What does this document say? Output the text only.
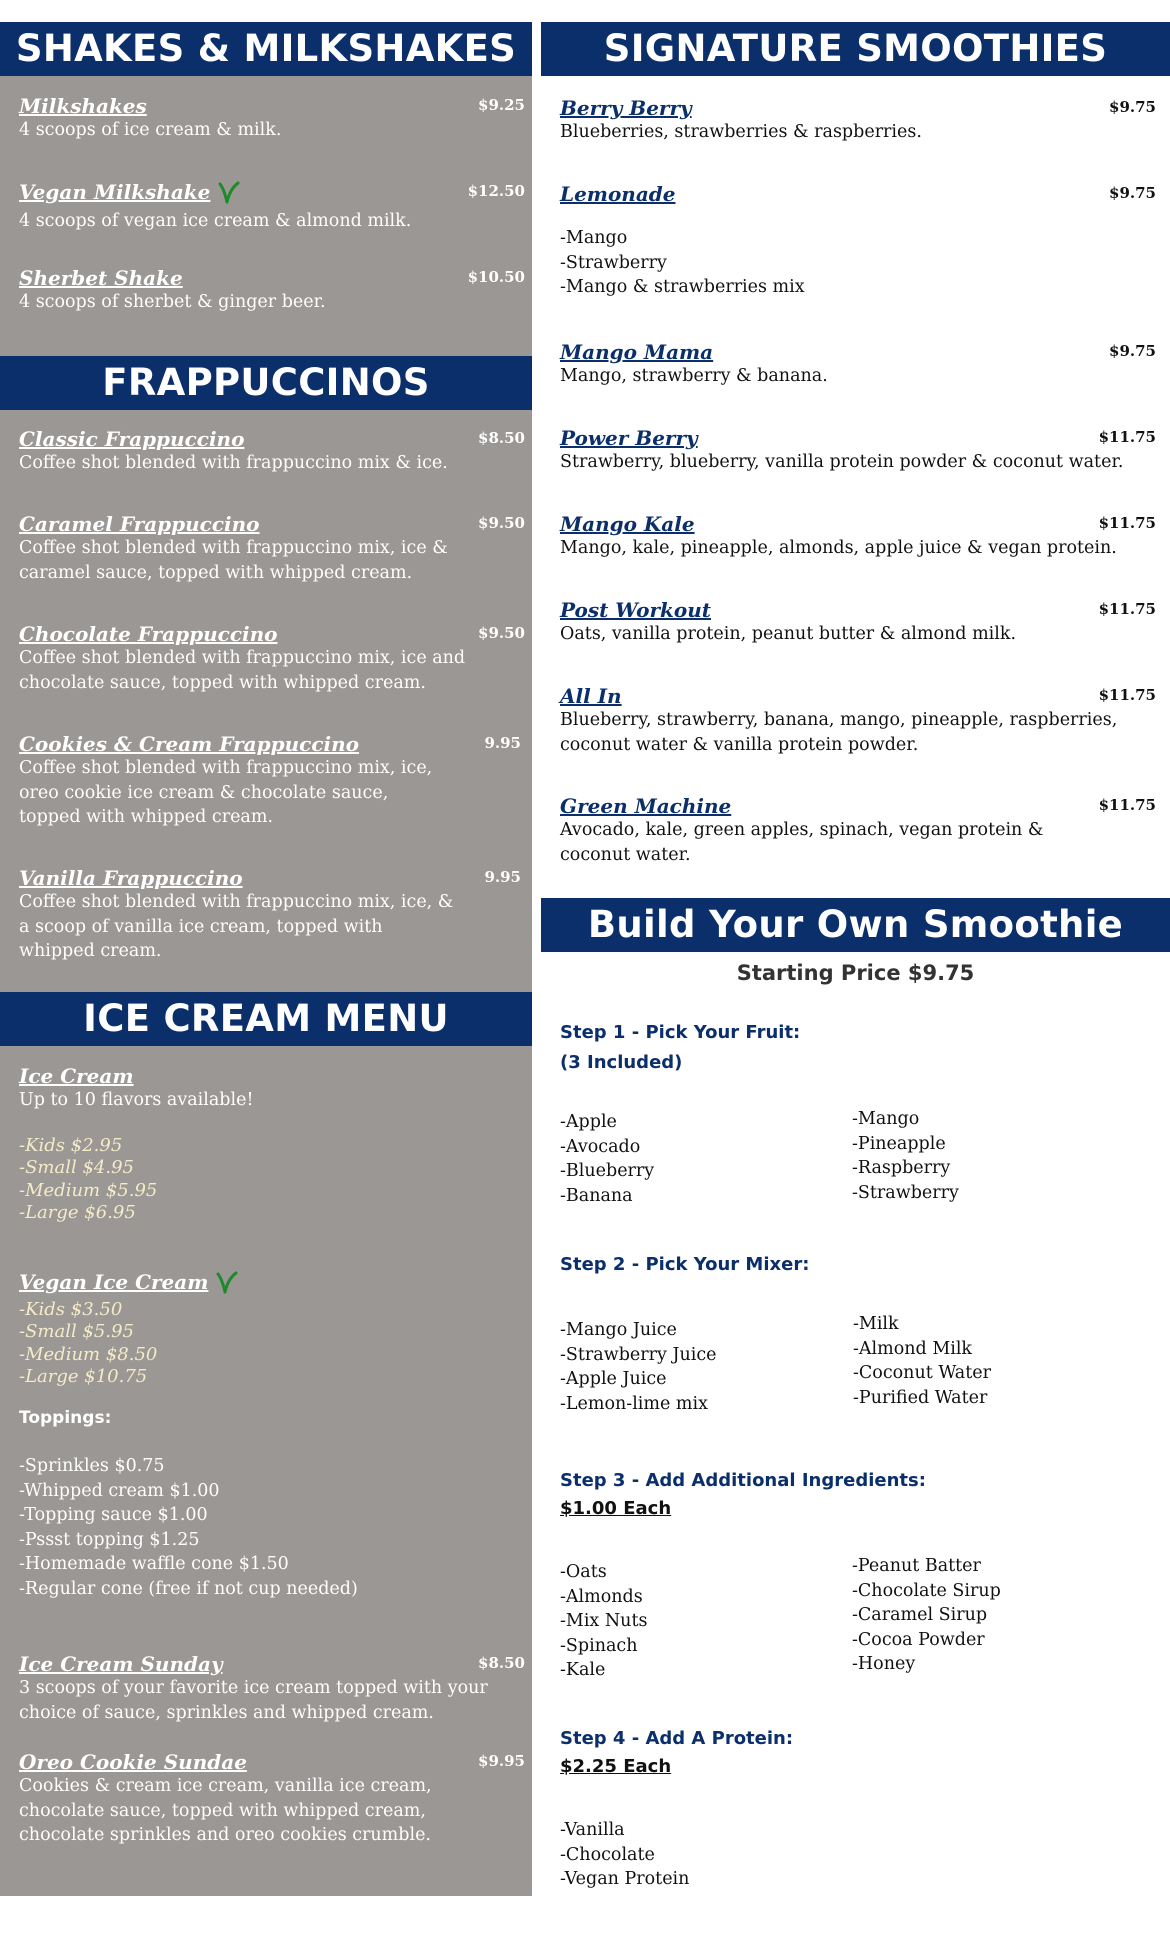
SHAKES & MILKSHAKES
Milkshakes
4 scoops of ice cream & milk.
$9.25
Vegan Milkshake
4 scoops of vegan ice cream & almond milk.
$12.50
Sherbet Shake
4 scoops of sherbet & ginger beer.
$10.50
FRAPPUCCINOS
Classic Frappuccino
Coffee shot blended with frappuccino mix & ice.
$8.50
Caramel Frappuccino
Coffee shot blended with frappuccino mix, ice &
caramel sauce, topped with whipped cream.
$9.50
Chocolate Frappuccino
Coffee shot blended with frappuccino mix, ice and
chocolate sauce, topped with whipped cream.
$9.50
Cookies & Cream Frappuccino
Coffee shot blended with frappuccino mix, ice,
oreo cookie ice cream & chocolate sauce,
topped with whipped cream.
9.95
Vanilla Frappuccino
Coffee shot blended with frappuccino mix, ice, &
a scoop of vanilla ice cream, topped with
whipped cream.
9.95
ICE CREAM MENU
Ice Cream
Up to 10 flavors available!
-Kids $2.95
-Small $4.95
-Medium $5.95
-Large $6.95
Vegan Ice Cream
-Kids $3.50
-Small $5.95
-Medium $8.50
-Large $10.75
Toppings:
-Sprinkles $0.75
-Whipped cream $1.00
-Topping sauce $1.00
-Pssst topping $1.25
-Homemade waffle cone $1.50
-Regular cone (free if not cup needed)
Ice Cream Sunday
3 scoops of your favorite ice cream topped with your
choice of sauce, sprinkles and whipped cream.
$8.50
Oreo Cookie Sundae
Cookies & cream ice cream, vanilla ice cream,
chocolate sauce, topped with whipped cream,
chocolate sprinkles and oreo cookies crumble.
$9.95
SIGNATURE SMOOTHIES
Berry Berry
Blueberries, strawberries & raspberries.
$9.75
Lemonade
-Mango
-Strawberry
-Mango & strawberries mix
$9.75
Mango Mama
Mango, strawberry & banana.
$9.75
Power Berry
Strawberry, blueberry, vanilla protein powder & coconut water.
$11.75
Mango Kale
Mango, kale, pineapple, almonds, apple juice & vegan protein.
$11.75
Post Workout
Oats, vanilla protein, peanut butter & almond milk.
$11.75
All In
Blueberry, strawberry, banana, mango, pineapple, raspberries,
coconut water & vanilla protein powder.
$11.75
Green Machine
Avocado, kale, green apples, spinach, vegan protein &
coconut water.
$11.75
Build Your Own Smoothie
Starting Price $9.75
Step 1 - Pick Your Fruit:
(3 Included)
-Apple
-Avocado
-Blueberry
-Banana
-Mango
-Pineapple
-Raspberry
-Strawberry
Step 2 - Pick Your Mixer:
-Mango Juice
-Strawberry Juice
-Apple Juice
-Lemon-lime mix
-Milk
-Almond Milk
-Coconut Water
-Purified Water
Step 3 - Add Additional Ingredients:
$1.00 Each
-Oats
-Almonds
-Mix Nuts
-Spinach
-Kale
-Peanut Batter
-Chocolate Sirup
-Caramel Sirup
-Cocoa Powder
-Honey
Step 4 - Add A Protein:
$2.25 Each
-Vanilla
-Chocolate
-Vegan Protein
